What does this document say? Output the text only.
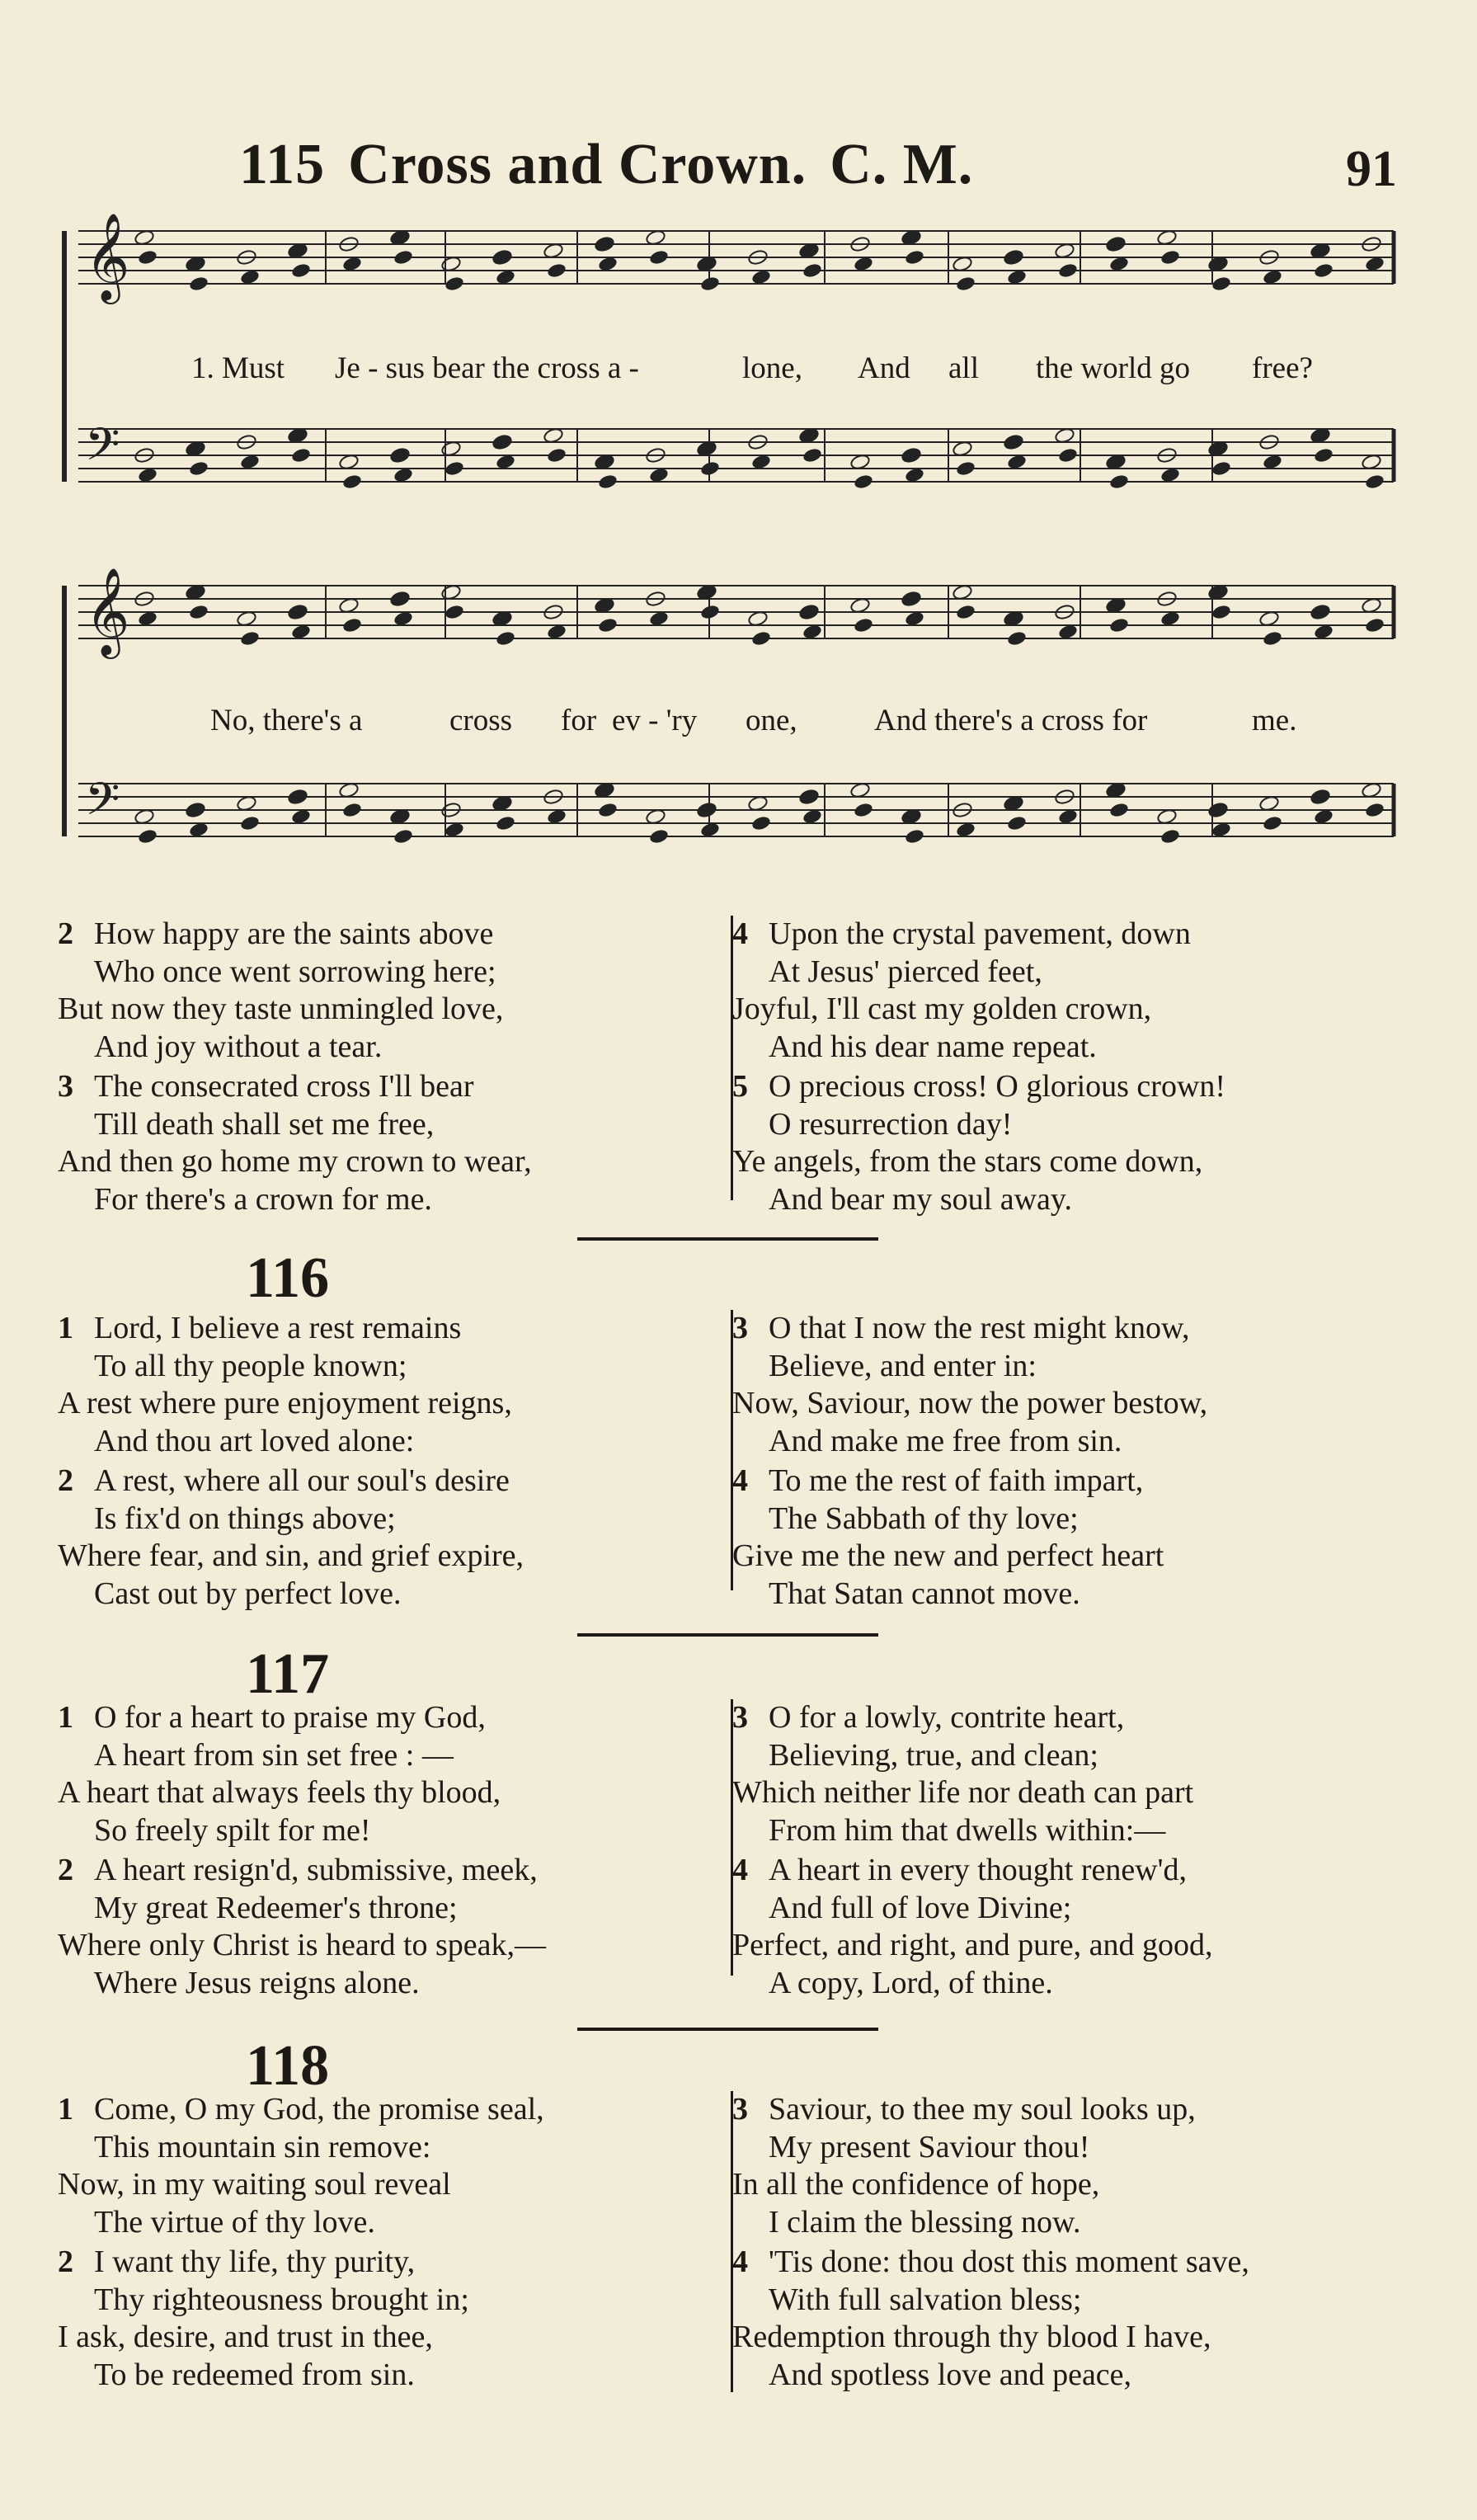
115 Cross and Crown. C. M.	91
𝄞
𝄢
𝄞
𝄢
1. Must Je - sus bear the cross a -	lone, And all the world go free?
No, there's a	cross for ev - 'ry one,	And there's a cross for	me.
2 How happy are the saints above
Who once went sorrowing here;
But now they taste unmingled love,
And joy without a tear.
3 The consecrated cross I'll bear
Till death shall set me free,
And then go home my crown to wear,
For there's a crown for me.
4 Upon the crystal pavement, down
At Jesus' pierced feet,
Joyful, I'll cast my golden crown,
And his dear name repeat.
5 O precious cross! O glorious crown!
O resurrection day!
Ye angels, from the stars come down,
And bear my soul away.
116
1 Lord, I believe a rest remains
To all thy people known;
A rest where pure enjoyment reigns,
And thou art loved alone:
2 A rest, where all our soul's desire
Is fix'd on things above;
Where fear, and sin, and grief expire,
Cast out by perfect love.
3 O that I now the rest might know,
Believe, and enter in:
Now, Saviour, now the power bestow,
And make me free from sin.
4 To me the rest of faith impart,
The Sabbath of thy love;
Give me the new and perfect heart
That Satan cannot move.
117
1 O for a heart to praise my God,
A heart from sin set free : —
A heart that always feels thy blood,
So freely spilt for me!
2 A heart resign'd, submissive, meek,
My great Redeemer's throne;
Where only Christ is heard to speak,—
Where Jesus reigns alone.
3 O for a lowly, contrite heart,
Believing, true, and clean;
Which neither life nor death can part
From him that dwells within:—
4 A heart in every thought renew'd,
And full of love Divine;
Perfect, and right, and pure, and good,
A copy, Lord, of thine.
118
1 Come, O my God, the promise seal,
This mountain sin remove:
Now, in my waiting soul reveal
The virtue of thy love.
2 I want thy life, thy purity,
Thy righteousness brought in;
I ask, desire, and trust in thee,
To be redeemed from sin.
3 Saviour, to thee my soul looks up,
My present Saviour thou!
In all the confidence of hope,
I claim the blessing now.
4 'Tis done: thou dost this moment save,
With full salvation bless;
Redemption through thy blood I have,
And spotless love and peace,
